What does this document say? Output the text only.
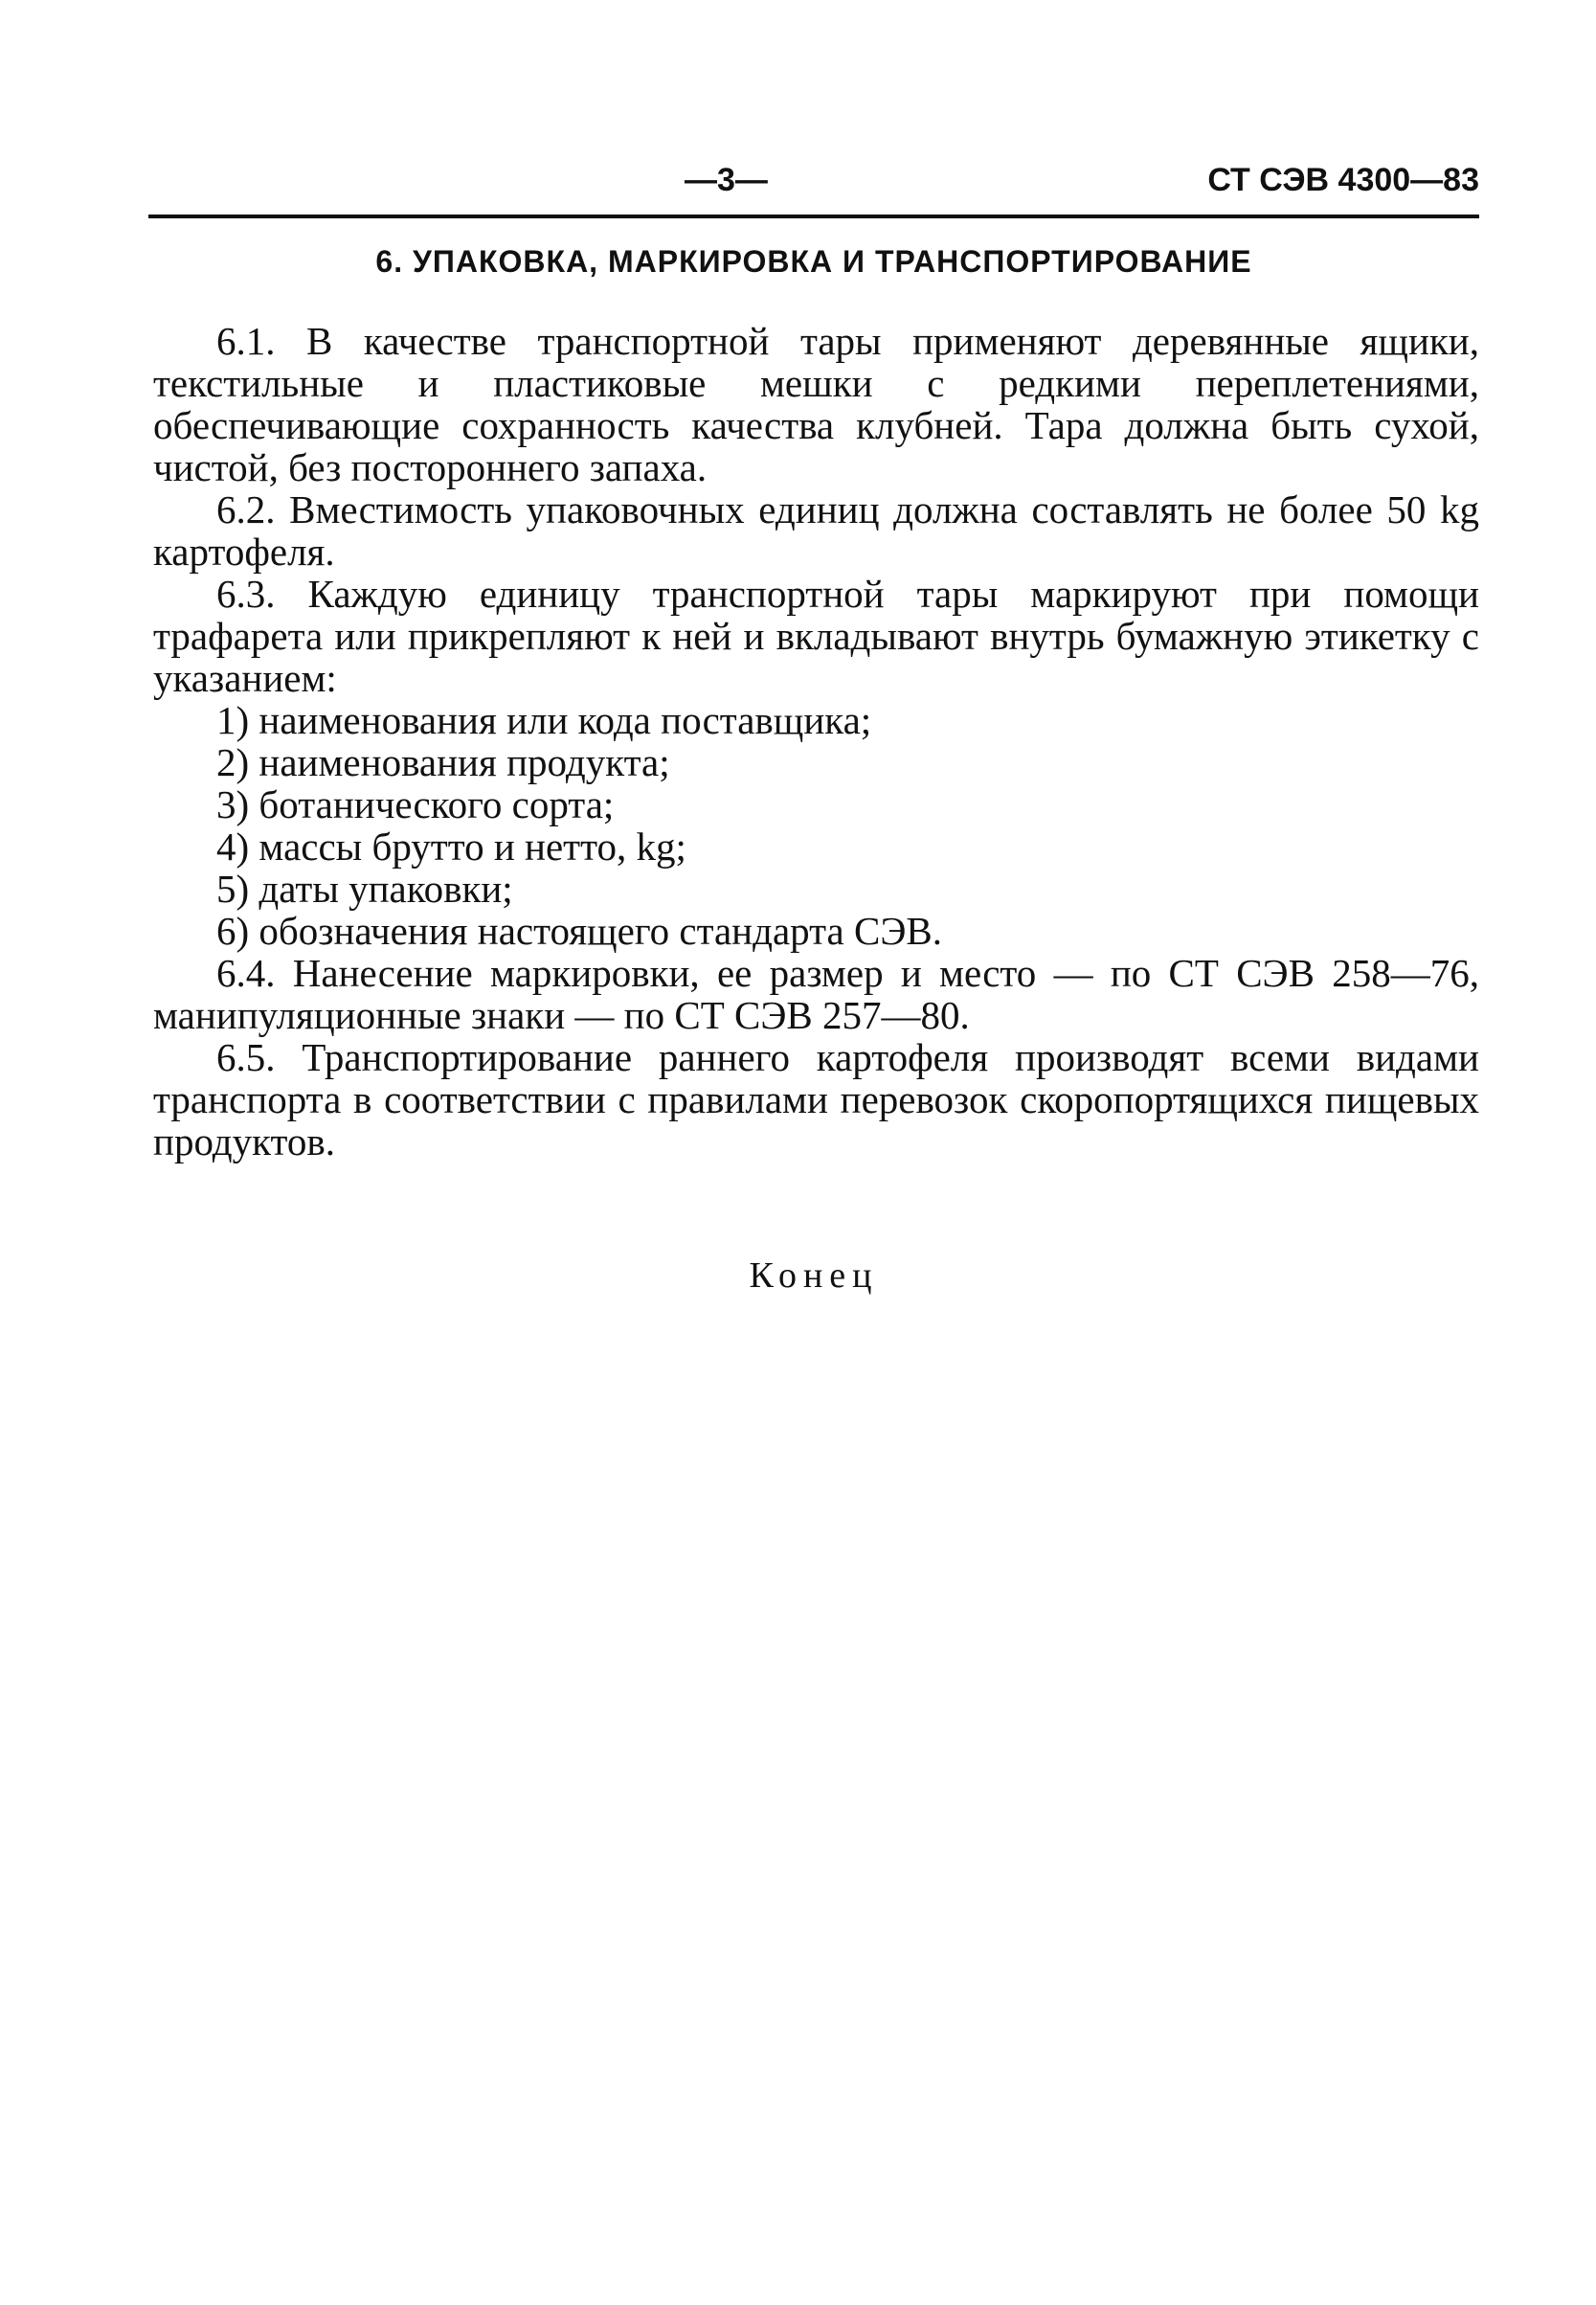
—3—	СТ СЭВ 4300—83
6. УПАКОВКА, МАРКИРОВКА И ТРАНСПОРТИРОВАНИЕ

6.1. В качестве транспортной тары применяют деревянные ящики, текстильные и пластиковые мешки с редкими переплетениями, обеспечивающие сохранность качества клубней. Тара должна быть сухой, чистой, без постороннего запаха.

6.2. Вместимость упаковочных единиц должна составлять не более 50 kg картофеля.

6.3. Каждую единицу транспортной тары маркируют при помощи трафарета или прикрепляют к ней и вкладывают внутрь бумажную этикетку с указанием:

1) наименования или кода поставщика;

2) наименования продукта;

3) ботанического сорта;

4) массы брутто и нетто, kg;

5) даты упаковки;

6) обозначения настоящего стандарта СЭВ.

6.4. Нанесение маркировки, ее размер и место — по СТ СЭВ 258—76, манипуляционные знаки — по СТ СЭВ 257—80.

6.5. Транспортирование раннего картофеля производят всеми видами транспорта в соответствии с правилами перевозок скоропортящихся пищевых продуктов.

Конец
